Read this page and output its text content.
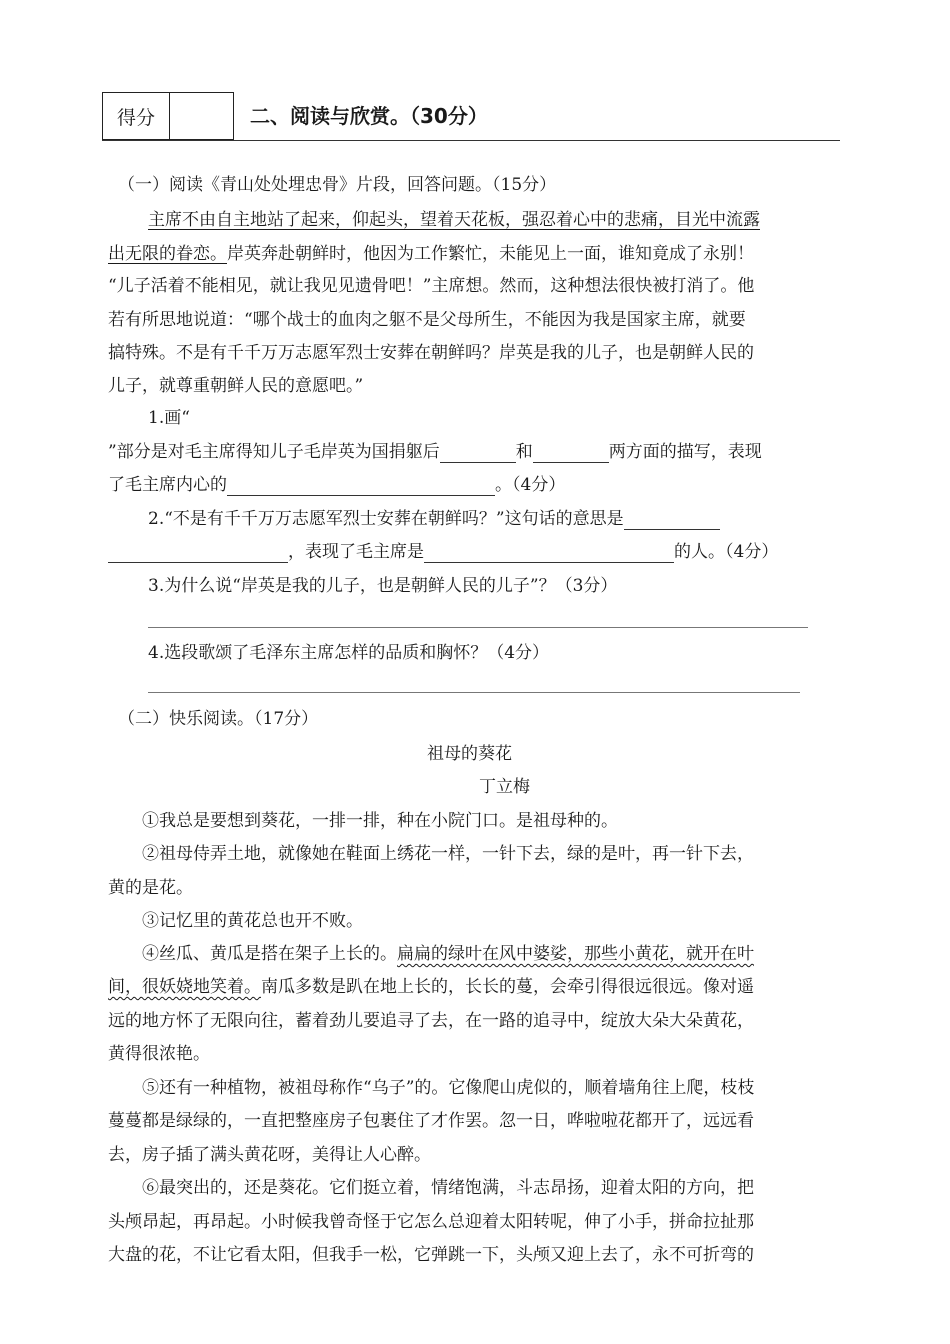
得分	二、阅读与欣赏。（30分）
（一）阅读《青山处处埋忠骨》片段，回答问题。（15分）
主席不由自主地站了起来，仰起头，望着天花板，强忍着心中的悲痛，目光中流露
出无限的眷恋。岸英奔赴朝鲜时，他因为工作繁忙，未能见上一面，谁知竟成了永别！
“儿子活着不能相见，就让我见见遗骨吧！”主席想。然而，这种想法很快被打消了。他
若有所思地说道：“哪个战士的血肉之躯不是父母所生，不能因为我是国家主席，就要
搞特殊。不是有千千万万志愿军烈士安葬在朝鲜吗？岸英是我的儿子，也是朝鲜人民的
儿子，就尊重朝鲜人民的意愿吧。”
1.画“
”部分是对毛主席得知儿子毛岸英为国捐躯后	和	两方面的描写，表现
了毛主席内心的	。（4分）
2.“不是有千千万万志愿军烈士安葬在朝鲜吗？”这句话的意思是
，表现了毛主席是	的人。（4分）
3.为什么说“岸英是我的儿子，也是朝鲜人民的儿子”？（3分）
4.选段歌颂了毛泽东主席怎样的品质和胸怀？（4分）
（二）快乐阅读。（17分）
祖母的葵花
丁立梅
①我总是要想到葵花，一排一排，种在小院门口。是祖母种的。
②祖母侍弄土地，就像她在鞋面上绣花一样，一针下去，绿的是叶，再一针下去，
黄的是花。
③记忆里的黄花总也开不败。
④丝瓜、黄瓜是搭在架子上长的。扁扁的绿叶在风中婆娑，那些小黄花，就开在叶
间，很妖娆地笑着。南瓜多数是趴在地上长的，长长的蔓，会牵引得很远很远。像对遥
远的地方怀了无限向往，蓄着劲儿要追寻了去，在一路的追寻中，绽放大朵大朵黄花，
黄得很浓艳。
⑤还有一种植物，被祖母称作“乌子”的。它像爬山虎似的，顺着墙角往上爬，枝枝
蔓蔓都是绿绿的，一直把整座房子包裹住了才作罢。忽一日，哗啦啦花都开了，远远看
去，房子插了满头黄花呀，美得让人心醉。
⑥最突出的，还是葵花。它们挺立着，情绪饱满，斗志昂扬，迎着太阳的方向，把
头颅昂起，再昂起。小时候我曾奇怪于它怎么总迎着太阳转呢，伸了小手，拼命拉扯那
大盘的花，不让它看太阳，但我手一松，它弹跳一下，头颅又迎上去了，永不可折弯的
